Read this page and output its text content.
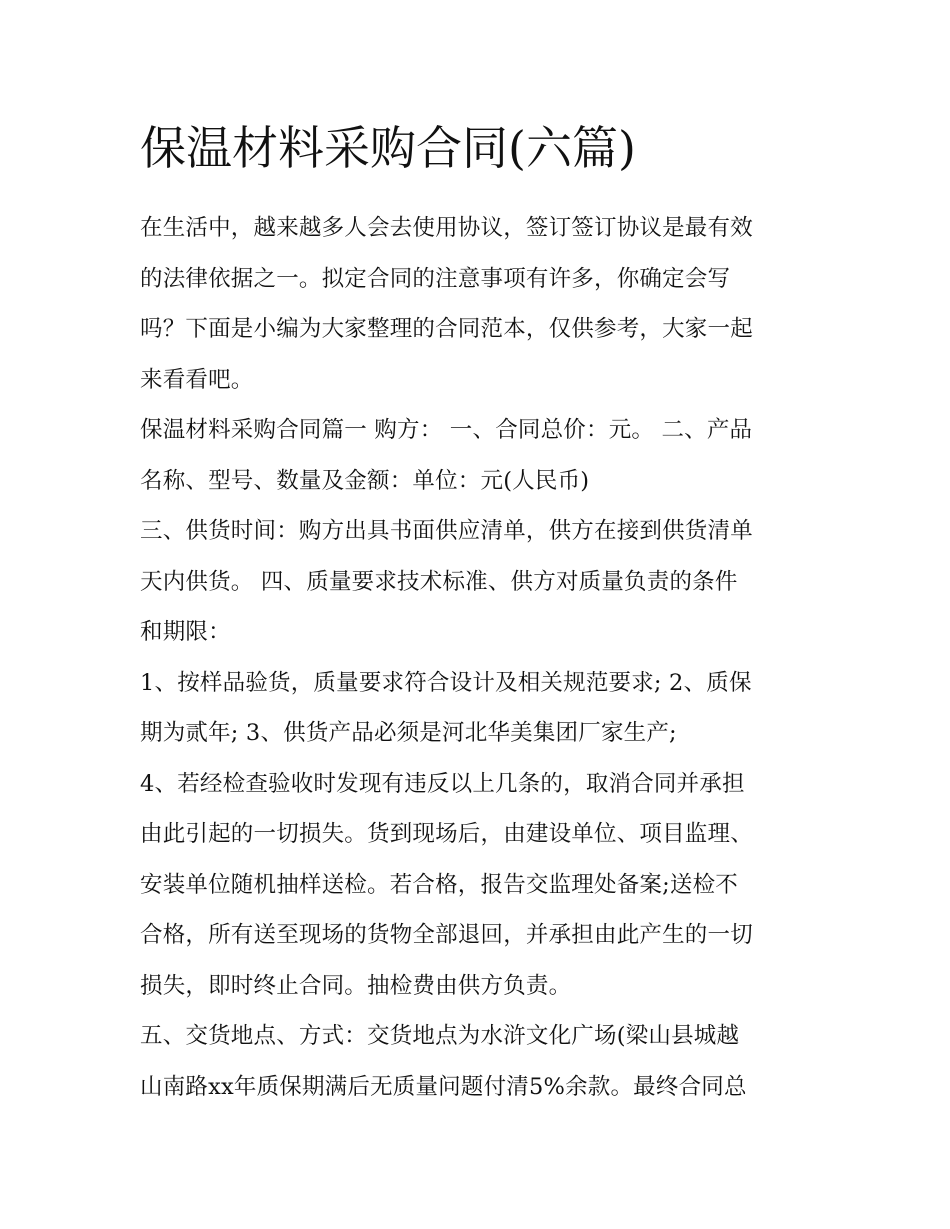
保温材料采购合同(六篇)

在生活中，越来越多人会去使用协议，签订签订协议是最有效
的法律依据之一。拟定合同的注意事项有许多，你确定会写
吗？下面是小编为大家整理的合同范本，仅供参考，大家一起
来看看吧。

保温材料采购合同篇一 购方： 一、合同总价：元。 二、产品
名称、型号、数量及金额：单位：元(人民币)

三、供货时间：购方出具书面供应清单，供方在接到供货清单
天内供货。 四、质量要求技术标准、供方对质量负责的条件
和期限：

1、按样品验货，质量要求符合设计及相关规范要求; 2、质保
期为贰年; 3、供货产品必须是河北华美集团厂家生产;

4、若经检查验收时发现有违反以上几条的，取消合同并承担
由此引起的一切损失。货到现场后，由建设单位、项目监理、
安装单位随机抽样送检。若合格，报告交监理处备案;送检不
合格，所有送至现场的货物全部退回，并承担由此产生的一切
损失，即时终止合同。抽检费由供方负责。

五、交货地点、方式：交货地点为水浒文化广场(梁山县城越
山南路xx年质保期满后无质量问题付清5%余款。最终合同总
